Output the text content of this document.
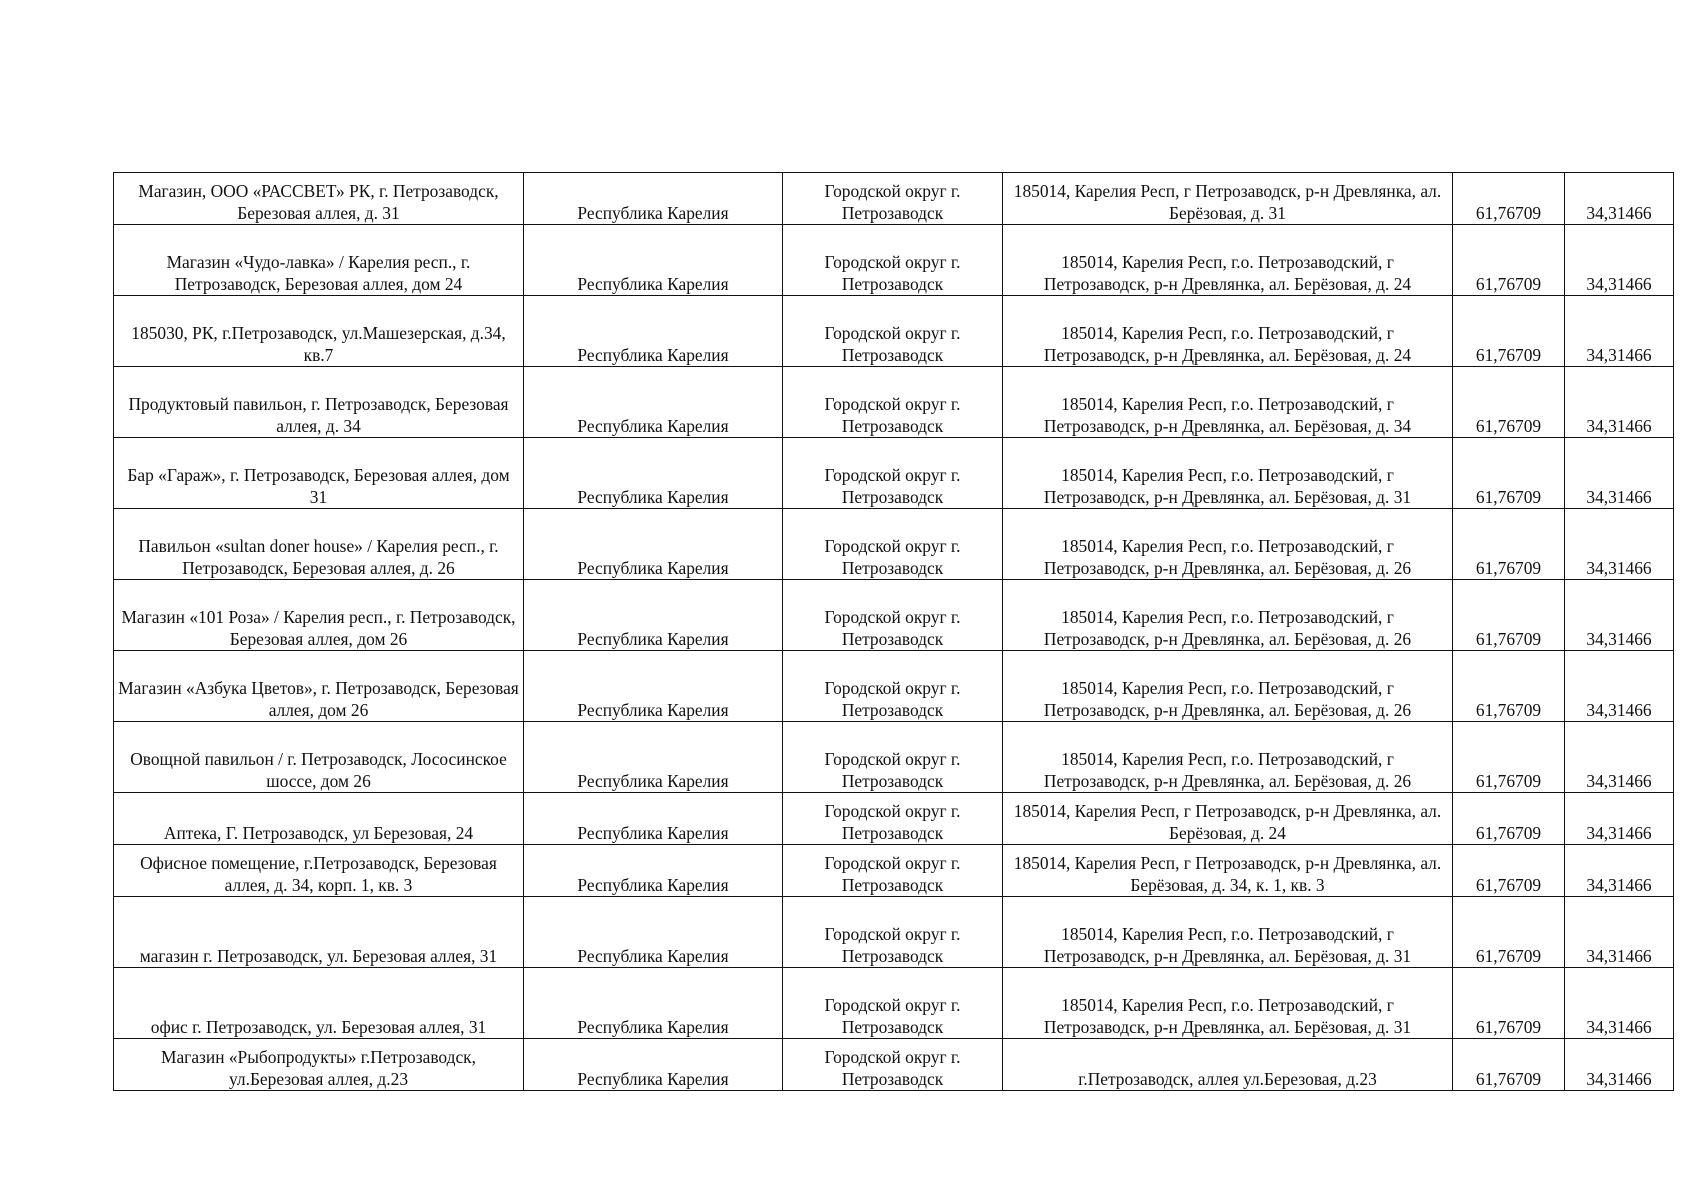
Магазин, ООО «РАССВЕТ» РК, г. Петрозаводск, Березовая аллея, д. 31	Республика Карелия	Городской округ г. Петрозаводск	185014, Карелия Респ, г Петрозаводск, р-н Древлянка, ал. Берёзовая, д. 31	61,76709	34,31466
Магазин «Чудо-лавка» / Карелия респ., г. Петрозаводск, Березовая аллея, дом 24	Республика Карелия	Городской округ г. Петрозаводск	185014, Карелия Респ, г.о. Петрозаводский, г Петрозаводск, р-н Древлянка, ал. Берёзовая, д. 24	61,76709	34,31466
185030, РК, г.Петрозаводск, ул.Машезерская, д.34, кв.7	Республика Карелия	Городской округ г. Петрозаводск	185014, Карелия Респ, г.о. Петрозаводский, г Петрозаводск, р-н Древлянка, ал. Берёзовая, д. 24	61,76709	34,31466
Продуктовый павильон, г. Петрозаводск, Березовая аллея, д. 34	Республика Карелия	Городской округ г. Петрозаводск	185014, Карелия Респ, г.о. Петрозаводский, г Петрозаводск, р-н Древлянка, ал. Берёзовая, д. 34	61,76709	34,31466
Бар «Гараж», г. Петрозаводск, Березовая аллея, дом 31	Республика Карелия	Городской округ г. Петрозаводск	185014, Карелия Респ, г.о. Петрозаводский, г Петрозаводск, р-н Древлянка, ал. Берёзовая, д. 31	61,76709	34,31466
Павильон «sultan doner house» / Карелия респ., г. Петрозаводск, Березовая аллея, д. 26	Республика Карелия	Городской округ г. Петрозаводск	185014, Карелия Респ, г.о. Петрозаводский, г Петрозаводск, р-н Древлянка, ал. Берёзовая, д. 26	61,76709	34,31466
Магазин «101 Роза» / Карелия респ., г. Петрозаводск, Березовая аллея, дом 26	Республика Карелия	Городской округ г. Петрозаводск	185014, Карелия Респ, г.о. Петрозаводский, г Петрозаводск, р-н Древлянка, ал. Берёзовая, д. 26	61,76709	34,31466
Магазин «Азбука Цветов», г. Петрозаводск, Березовая аллея, дом 26	Республика Карелия	Городской округ г. Петрозаводск	185014, Карелия Респ, г.о. Петрозаводский, г Петрозаводск, р-н Древлянка, ал. Берёзовая, д. 26	61,76709	34,31466
Овощной павильон / г. Петрозаводск, Лососинское шоссе, дом 26	Республика Карелия	Городской округ г. Петрозаводск	185014, Карелия Респ, г.о. Петрозаводский, г Петрозаводск, р-н Древлянка, ал. Берёзовая, д. 26	61,76709	34,31466
Аптека, Г. Петрозаводск, ул Березовая, 24	Республика Карелия	Городской округ г. Петрозаводск	185014, Карелия Респ, г Петрозаводск, р-н Древлянка, ал. Берёзовая, д. 24	61,76709	34,31466
Офисное помещение, г.Петрозаводск, Березовая аллея, д. 34, корп. 1, кв. 3	Республика Карелия	Городской округ г. Петрозаводск	185014, Карелия Респ, г Петрозаводск, р-н Древлянка, ал. Берёзовая, д. 34, к. 1, кв. 3	61,76709	34,31466
магазин г. Петрозаводск, ул. Березовая аллея, 31	Республика Карелия	Городской округ г. Петрозаводск	185014, Карелия Респ, г.о. Петрозаводский, г Петрозаводск, р-н Древлянка, ал. Берёзовая, д. 31	61,76709	34,31466
офис г. Петрозаводск, ул. Березовая аллея, 31	Республика Карелия	Городской округ г. Петрозаводск	185014, Карелия Респ, г.о. Петрозаводский, г Петрозаводск, р-н Древлянка, ал. Берёзовая, д. 31	61,76709	34,31466
Магазин «Рыбопродукты» г.Петрозаводск, ул.Березовая аллея, д.23	Республика Карелия	Городской округ г. Петрозаводск	г.Петрозаводск, аллея ул.Березовая, д.23	61,76709	34,31466
